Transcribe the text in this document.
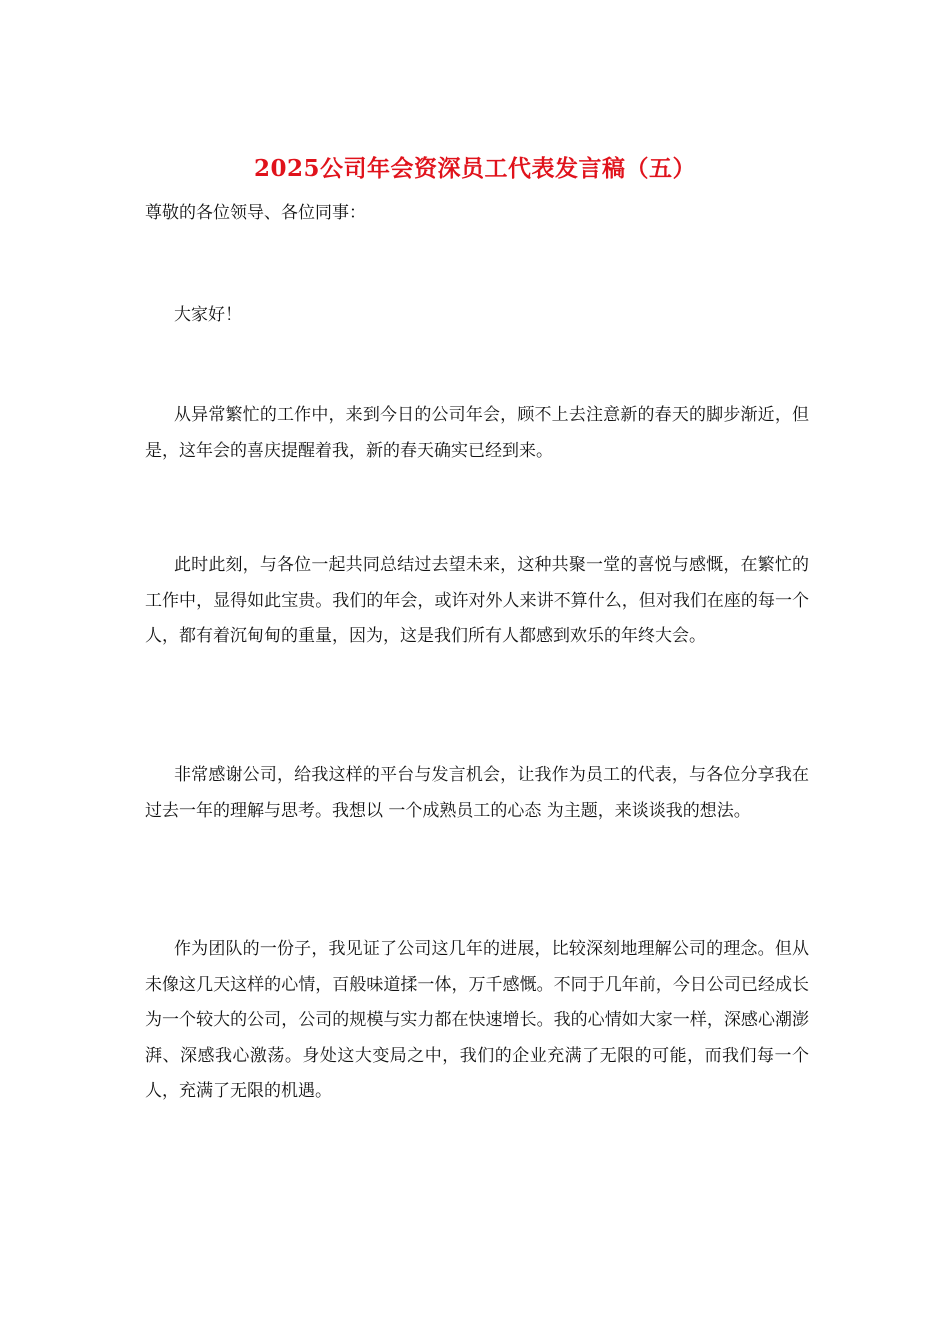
2025公司年会资深员工代表发言稿（五）
尊敬的各位领导、各位同事：

大家好！

从异常繁忙的工作中，来到今日的公司年会，顾不上去注意新的春天的脚步渐近，但是，这年会的喜庆提醒着我，新的春天确实已经到来。

此时此刻，与各位一起共同总结过去望未来，这种共聚一堂的喜悦与感慨，在繁忙的工作中，显得如此宝贵。我们的年会，或许对外人来讲不算什么，但对我们在座的每一个人，都有着沉甸甸的重量，因为，这是我们所有人都感到欢乐的年终大会。

非常感谢公司，给我这样的平台与发言机会，让我作为员工的代表，与各位分享我在过去一年的理解与思考。我想以 一个成熟员工的心态 为主题，来谈谈我的想法。

作为团队的一份子，我见证了公司这几年的进展，比较深刻地理解公司的理念。但从未像这几天这样的心情，百般味道揉一体，万千感慨。不同于几年前，今日公司已经成长为一个较大的公司，公司的规模与实力都在快速增长。我的心情如大家一样，深感心潮澎湃、深感我心激荡。身处这大变局之中，我们的企业充满了无限的可能，而我们每一个人，充满了无限的机遇。
